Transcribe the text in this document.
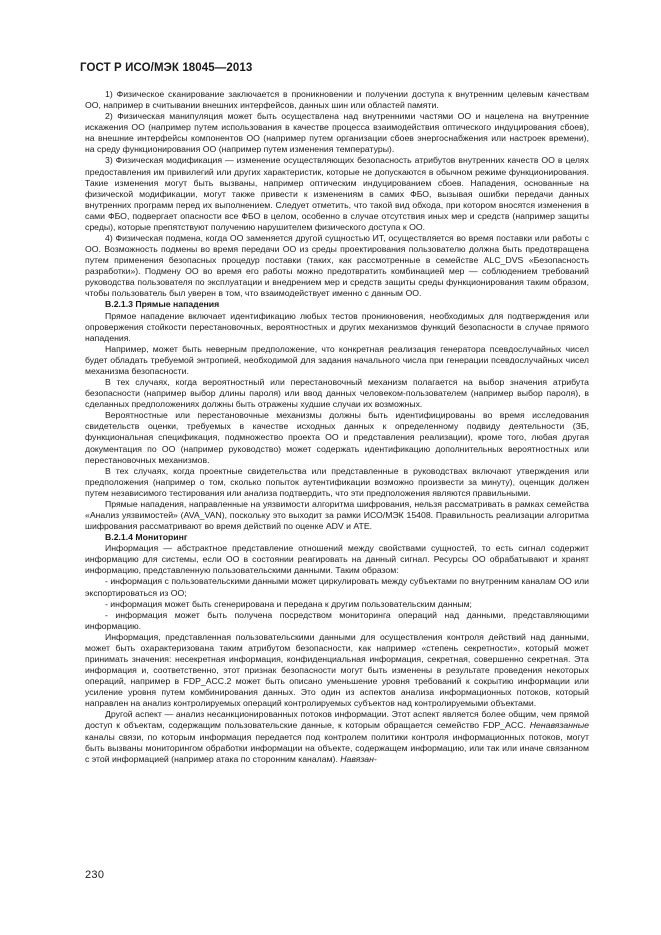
ГОСТ Р ИСО/МЭК 18045—2013

1) Физическое сканирование заключается в проникновении и получении доступа к внутренним целевым качествам ОО, например в считывании внешних интерфейсов, данных шин или областей памяти.

2) Физическая манипуляция может быть осуществлена над внутренними частями ОО и нацелена на внутренние искажения ОО (например путем использования в качестве процесса взаимодействия оптического индуцирования сбоев), на внешние интерфейсы компонентов ОО (например путем организации сбоев энергоснабжения или настроек времени), на среду функционирования ОО (например путем изменения температуры).

3) Физическая модификация — изменение осуществляющих безопасность атрибутов внутренних качеств ОО в целях предоставления им привилегий или других характеристик, которые не допускаются в обычном режиме функционирования. Такие изменения могут быть вызваны, например оптическим индуцированием сбоев. Нападения, основанные на физической модификации, могут также привести к изменениям в самих ФБО, вызывая ошибки передачи данных внутренних программ перед их выполнением. Следует отметить, что такой вид обхода, при котором вносятся изменения в сами ФБО, подвергает опасности все ФБО в целом, особенно в случае отсутствия иных мер и средств (например защиты среды), которые препятствуют получению нарушителем физического доступа к ОО.

4) Физическая подмена, когда ОО заменяется другой сущностью ИТ, осуществляется во время поставки или работы с ОО. Возможность подмены во время передачи ОО из среды проектирования пользователю должна быть предотвращена путем применения безопасных процедур поставки (таких, как рассмотренные в семействе ALC_DVS «Безопасность разработки»). Подмену ОО во время его работы можно предотвратить комбинацией мер — соблюдением требований руководства пользователя по эксплуатации и внедрением мер и средств защиты среды функционирования таким образом, чтобы пользователь был уверен в том, что взаимодействует именно с данным ОО.

B.2.1.3 Прямые нападения

Прямое нападение включает идентификацию любых тестов проникновения, необходимых для подтверждения или опровержения стойкости перестановочных, вероятностных и других механизмов функций безопасности в случае прямого нападения.

Например, может быть неверным предположение, что конкретная реализация генератора псевдослучайных чисел будет обладать требуемой энтропией, необходимой для задания начального числа при генерации псевдослучайных чисел механизма безопасности.

В тех случаях, когда вероятностный или перестановочный механизм полагается на выбор значения атрибута безопасности (например выбор длины пароля) или ввод данных человеком-пользователем (например выбор пароля), в сделанных предположениях должны быть отражены худшие случаи их возможных.

Вероятностные или перестановочные механизмы должны быть идентифицированы во время исследования свидетельств оценки, требуемых в качестве исходных данных к определенному подвиду деятельности (ЗБ, функциональная спецификация, подмножество проекта ОО и представления реализации), кроме того, любая другая документация по ОО (например руководство) может содержать идентификацию дополнительных вероятностных или перестановочных механизмов.

В тех случаях, когда проектные свидетельства или представленные в руководствах включают утверждения или предположения (например о том, сколько попыток аутентификации возможно произвести за минуту), оценщик должен путем независимого тестирования или анализа подтвердить, что эти предположения являются правильными.

Прямые нападения, направленные на уязвимости алгоритма шифрования, нельзя рассматривать в рамках семейства «Анализ уязвимостей» (AVA_VAN), поскольку это выходит за рамки ИСО/МЭК 15408. Правильность реализации алгоритма шифрования рассматривают во время действий по оценке ADV и ATE.

B.2.1.4 Мониторинг

Информация — абстрактное представление отношений между свойствами сущностей, то есть сигнал содержит информацию для системы, если ОО в состоянии реагировать на данный сигнал. Ресурсы ОО обрабатывают и хранят информацию, представленную пользовательскими данными. Таким образом:

- информация с пользовательскими данными может циркулировать между субъектами по внутренним каналам ОО или экспортироваться из ОО;

- информация может быть сгенерирована и передана к другим пользовательским данным;

- информация может быть получена посредством мониторинга операций над данными, представляющими информацию.

Информация, представленная пользовательскими данными для осуществления контроля действий над данными, может быть охарактеризована таким атрибутом безопасности, как например «степень секретности», который может принимать значения: несекретная информация, конфиденциальная информация, секретная, совершенно секретная. Эта информация и, соответственно, этот признак безопасности могут быть изменены в результате проведения некоторых операций, например в FDP_ACC.2 может быть описано уменьшение уровня требований к сокрытию информации или усиление уровня путем комбинирования данных. Это один из аспектов анализа информационных потоков, который направлен на анализ контролируемых операций контролируемых субъектов над контролируемыми объектами.

Другой аспект — анализ несанкционированных потоков информации. Этот аспект является более общим, чем прямой доступ к объектам, содержащим пользовательские данные, к которым обращается семейство FDP_ACC. Ненавязанные каналы связи, по которым информация передается под контролем политики контроля информационных потоков, могут быть вызваны мониторингом обработки информации на объекте, содержащем информацию, или так или иначе связанном с этой информацией (например атака по сторонним каналам). Навязан-

230
